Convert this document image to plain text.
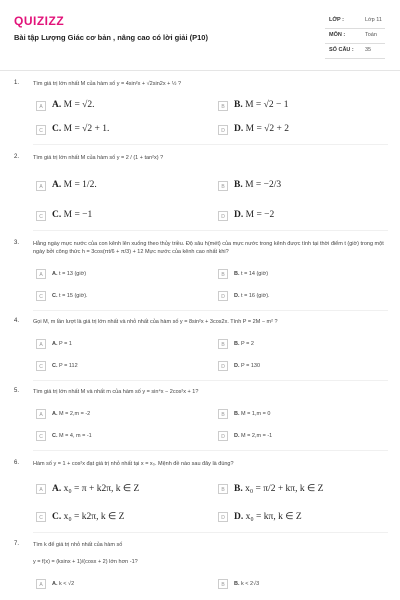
QUIZIZZ
Bài tập Lượng Giác cơ bản , nâng cao có lời giải (P10)
LỚP :	Lớp 11
MÔN :	Toán
SỐ CÂU : 35
1.	Tìm giá trị lớn nhất M của hàm số y = 4sin²x + √2sin2x + ½ ?
A A. M = √2.	B B. M = √2 − 1
C C. M = √2 + 1.	D D. M = √2 + 2
2.	Tìm giá trị lớn nhất M của hàm số y = 2 / (1 + tan²x) ?
A A. M = 1/2.	B B. M = −2/3
C C. M = −1	D D. M = −2
3.	Hằng ngày mực nước của con kênh lên xuống theo thủy triều. Độ sâu h(mét) của mực nước trong kênh được tính tại thời điểm t (giờ) trong một ngày bởi công thức h = 3cos(πt/6 + π/3) + 12 Mực nước của kênh cao nhất khi?
A	A. t = 13 (giờ)	B	B. t = 14 (giờ)
C	C. t = 15 (giờ).	D	D. t = 16 (giờ).
4.	Gọi M, m lần lượt là giá trị lớn nhất và nhỏ nhất của hàm số y = 8sin²x + 3cos2x. Tính P = 2M − m² ?
A	A. P = 1	B	B. P = 2
C	C. P = 112	D	D. P = 130
5.	Tìm giá trị lớn nhất M và nhất m của hàm số y = sin⁴x − 2cos²x + 1?
A	A. M = 2,m = -2	B	B. M = 1,m = 0
C	C. M = 4, m = -1	D	D. M = 2,m = -1
6.	Hàm số y = 1 + cos²x đạt giá trị nhỏ nhất tại x = x₀. Mệnh đề nào sau đây là đúng?
A A. x₀ = π + k2π, k ∈ Z	B B. x₀ = π/2 + kπ, k ∈ Z
C C. x₀ = k2π, k ∈ Z	D D. x₀ = kπ, k ∈ Z
7.	Tìm k để giá trị nhỏ nhất của hàm số
y = f(x) = (ksinx + 1)/(cosx + 2) lớn hơn -1?
A	A. k < √2	B	B. k < 2√3
